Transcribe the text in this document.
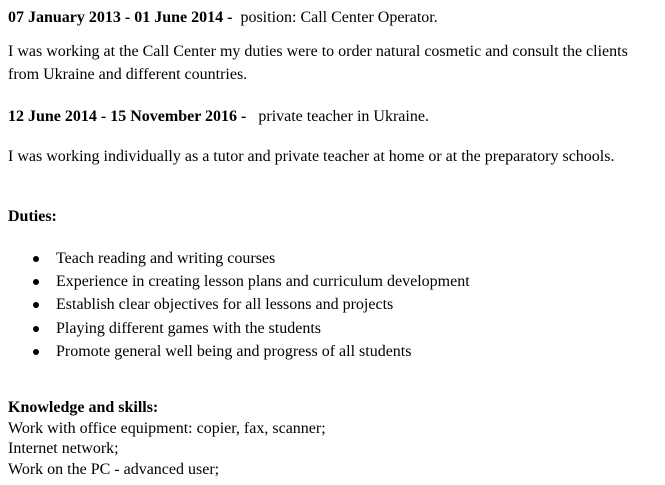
07 January 2013 - 01 June 2014 - position: Call Center Operator.

I was working at the Call Center my duties were to order natural cosmetic and consult the clients from Ukraine and different countries.

12 June 2014 - 15 November 2016 - private teacher in Ukraine.

I was working individually as a tutor and private teacher at home or at the preparatory schools.

Duties:

Teach reading and writing courses
Experience in creating lesson plans and curriculum development
Establish clear objectives for all lessons and projects
Playing different games with the students
Promote general well being and progress of all students

Knowledge and skills:

Work with office equipment: copier, fax, scanner;

Internet network;

Work on the PC - advanced user;
